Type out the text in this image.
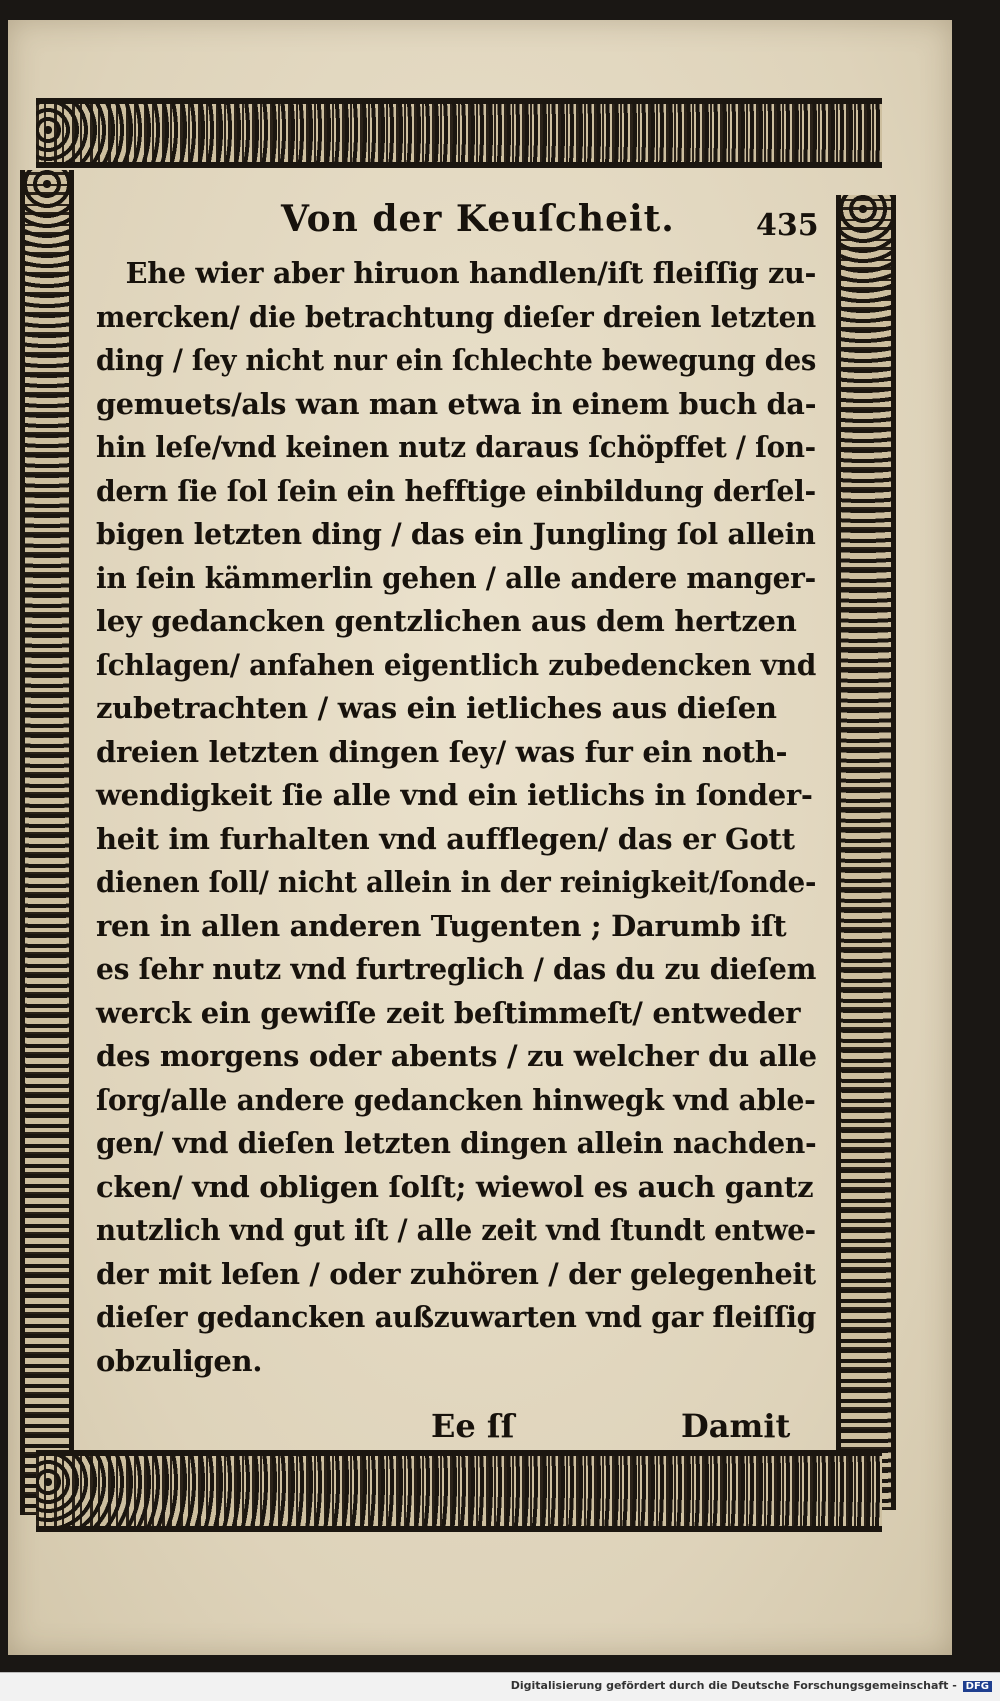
Von der Keuſcheit.	435
Ehe wier aber hiruon handlen/iſt fleiſſig zu-
mercken/ die betrachtung dieſer dreien letzten
ding / ſey nicht nur ein ſchlechte bewegung des
gemuets/als wan man etwa in einem buch da-
hin leſe/vnd keinen nutz daraus ſchöpffet / ſon-
dern ſie ſol ſein ein hefftige einbildung derſel-
bigen letzten ding / das ein Jungling ſol allein
in ſein kämmerlin gehen / alle andere manger-
ley gedancken gentzlichen aus dem hertzen
ſchlagen/ anfahen eigentlich zubedencken vnd
zubetrachten / was ein ietliches aus dieſen
dreien letzten dingen ſey/ was fur ein noth-
wendigkeit ſie alle vnd ein ietlichs in ſonder-
heit im furhalten vnd aufflegen/ das er Gott
dienen ſoll/ nicht allein in der reinigkeit/ſonde-
ren in allen anderen Tugenten ; Darumb iſt
es ſehr nutz vnd furtreglich / das du zu dieſem
werck ein gewiſſe zeit beſtimmeſt/ entweder
des morgens oder abents / zu welcher du alle
ſorg/alle andere gedancken hinwegk vnd able-
gen/ vnd dieſen letzten dingen allein nachden-
cken/ vnd obligen ſolſt; wiewol es auch gantz
nutzlich vnd gut iſt / alle zeit vnd ſtundt entwe-
der mit leſen / oder zuhören / der gelegenheit
dieſer gedancken außzuwarten vnd gar fleiſſig
obzuligen.
Ee ſſ	Damit
Digitalisierung gefördert durch die Deutsche Forschungsgemeinschaft - DFG
